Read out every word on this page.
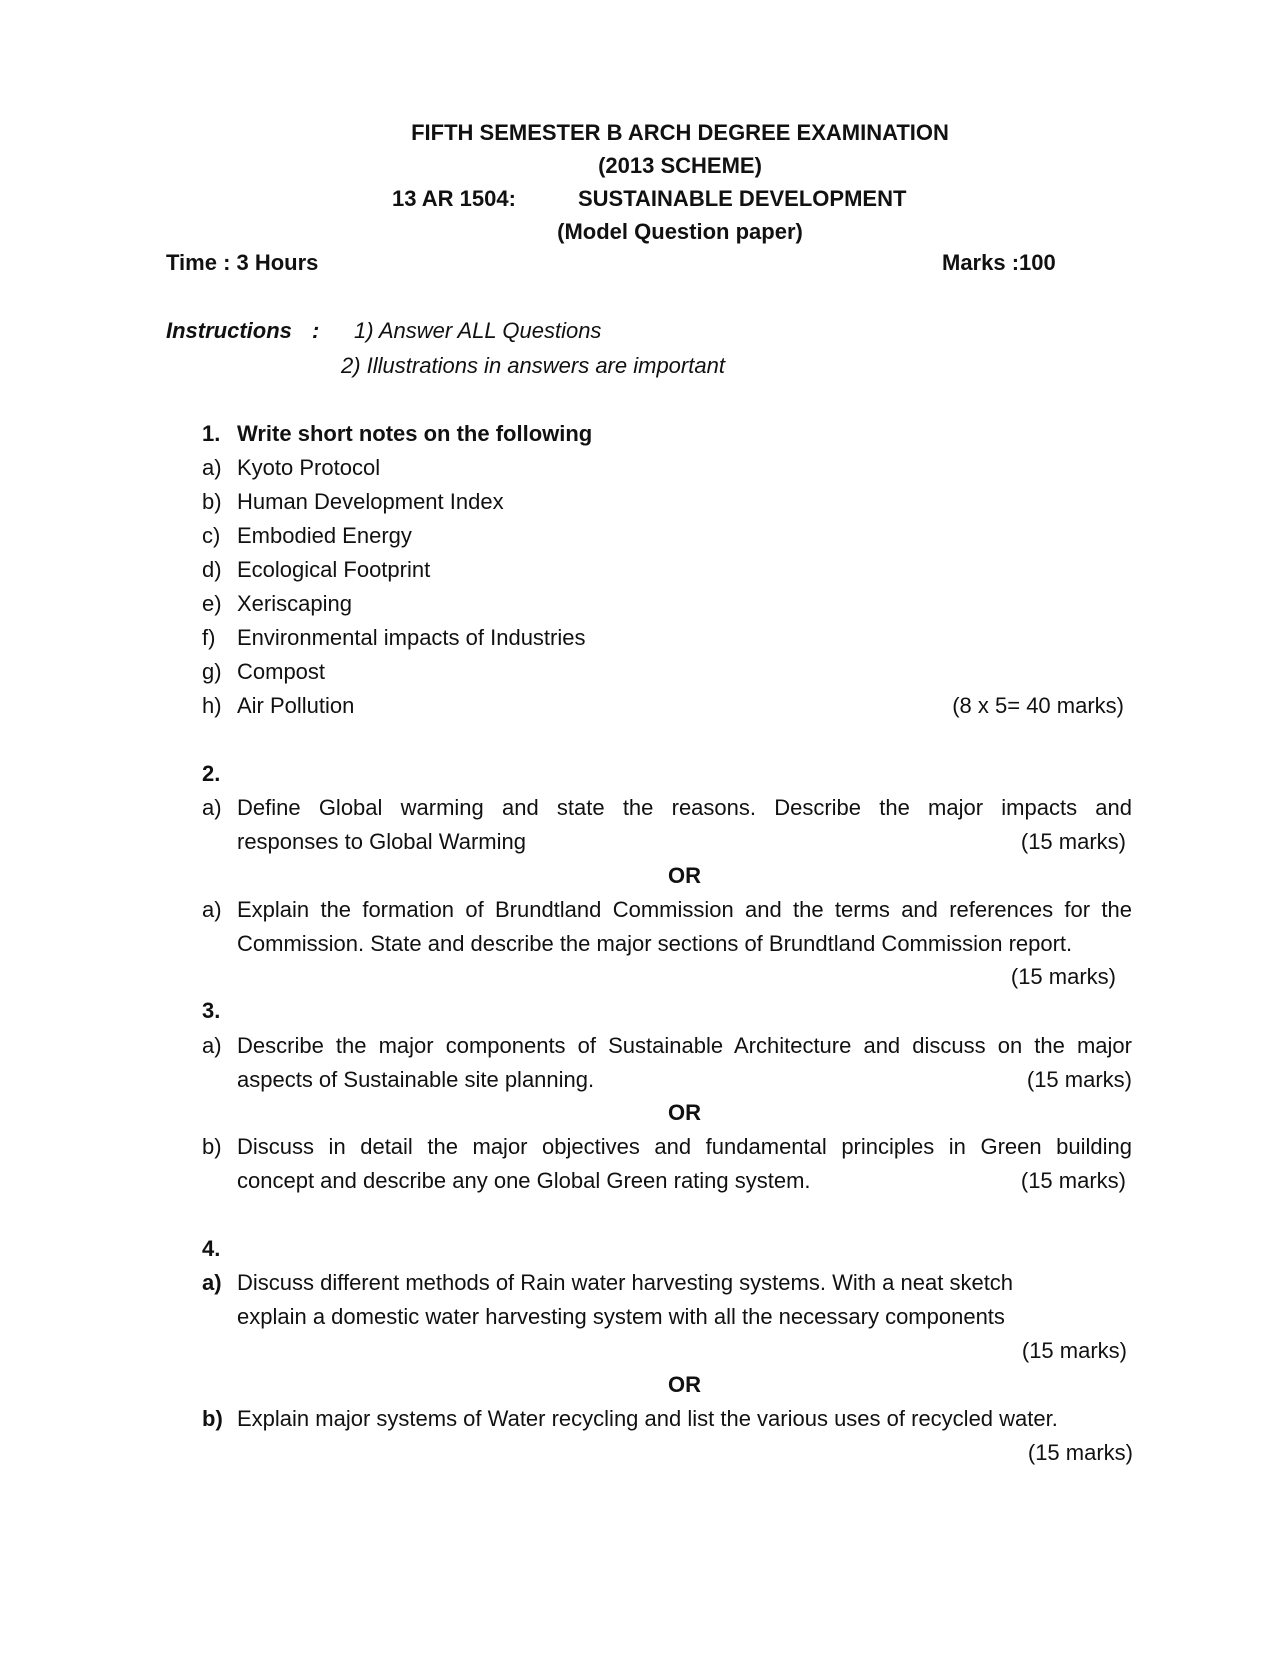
FIFTH SEMESTER B ARCH DEGREE EXAMINATION
(2013 SCHEME)
13 AR 1504:	SUSTAINABLE DEVELOPMENT
(Model Question paper)
Time : 3 Hours	Marks :100
Instructions : 1) Answer ALL Questions
2) Illustrations in answers are important
1. Write short notes on the following
a) Kyoto Protocol
b) Human Development Index
c) Embodied Energy
d) Ecological Footprint
e) Xeriscaping
f) Environmental impacts of Industries
g) Compost
h) Air Pollution	(8 x 5= 40 marks)
2.
a) Define Global warming and state the reasons. Describe the major impacts and
responses to Global Warming	(15 marks)
OR
a) Explain the formation of Brundtland Commission and the terms and references for the
Commission. State and describe the major sections of Brundtland Commission report.
(15 marks)
3.
a) Describe the major components of Sustainable Architecture and discuss on the major
aspects of Sustainable site planning.	(15 marks)
OR
b) Discuss in detail the major objectives and fundamental principles in Green building
concept and describe any one Global Green rating system.	(15 marks)
4.
a) Discuss different methods of Rain water harvesting systems. With a neat sketch
explain a domestic water harvesting system with all the necessary components
(15 marks)
OR
b) Explain major systems of Water recycling and list the various uses of recycled water.
(15 marks)
